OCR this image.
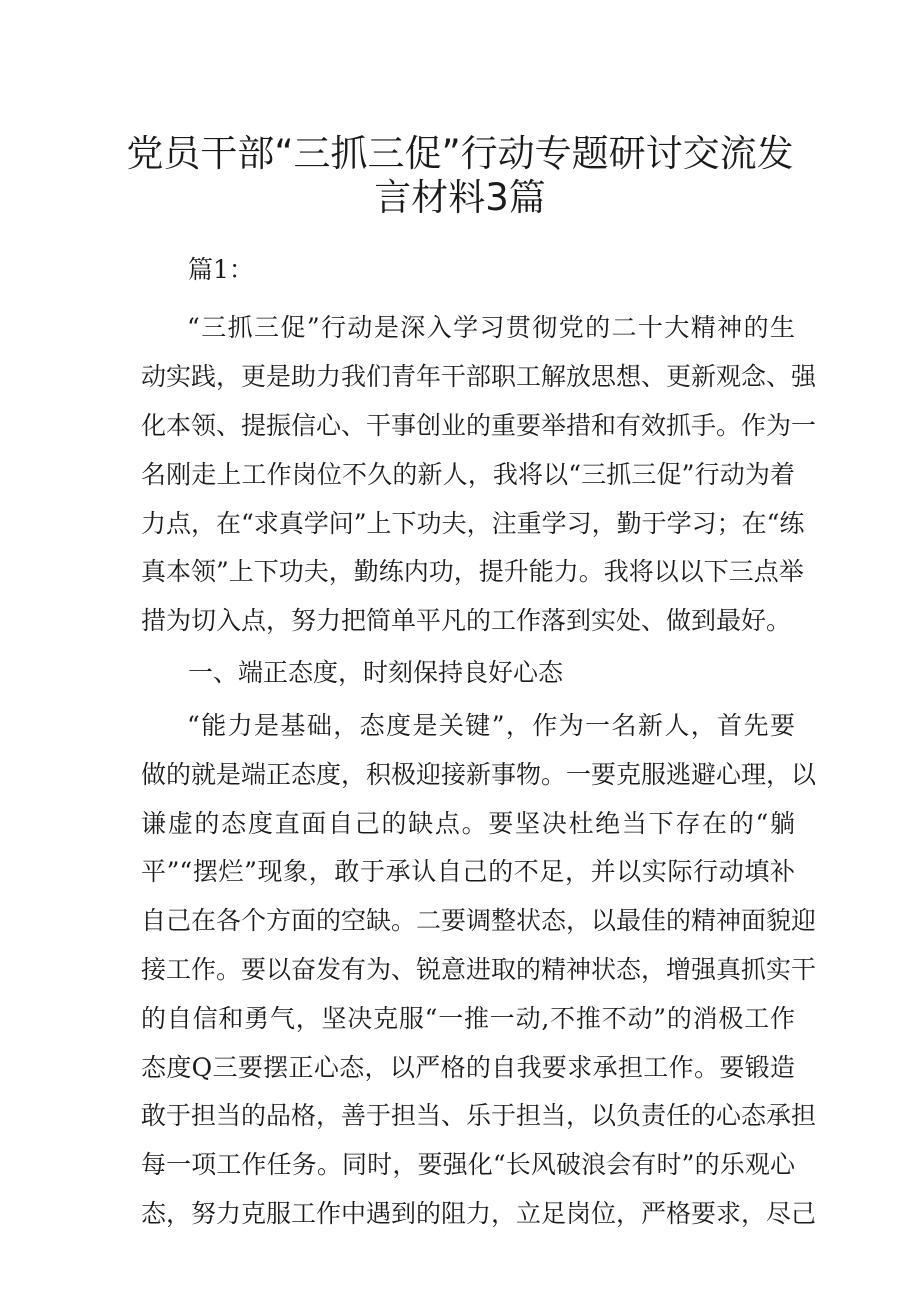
党员干部“三抓三促”行动专题研讨交流发
言材料3篇
篇1：
“三抓三促”行动是深入学习贯彻党的二十大精神的生
动实践，更是助力我们青年干部职工解放思想、更新观念、强
化本领、提振信心、干事创业的重要举措和有效抓手。作为一
名刚走上工作岗位不久的新人，我将以“三抓三促”行动为着
力点，在“求真学问”上下功夫，注重学习，勤于学习；在“练
真本领”上下功夫，勤练内功，提升能力。我将以以下三点举
措为切入点，努力把简单平凡的工作落到实处、做到最好。
一、端正态度，时刻保持良好心态
“能力是基础，态度是关键”，作为一名新人，首先要
做的就是端正态度，积极迎接新事物。一要克服逃避心理，以
谦虚的态度直面自己的缺点。要坚决杜绝当下存在的“躺
平”“摆烂”现象，敢于承认自己的不足，并以实际行动填补
自己在各个方面的空缺。二要调整状态，以最佳的精神面貌迎
接工作。要以奋发有为、锐意进取的精神状态，增强真抓实干
的自信和勇气，坚决克服“一推一动,不推不动”的消极工作
态度Q三要摆正心态，以严格的自我要求承担工作。要锻造
敢于担当的品格，善于担当、乐于担当，以负责任的心态承担
每一项工作任务。同时，要强化“长风破浪会有时”的乐观心
态，努力克服工作中遇到的阻力，立足岗位，严格要求，尽己
